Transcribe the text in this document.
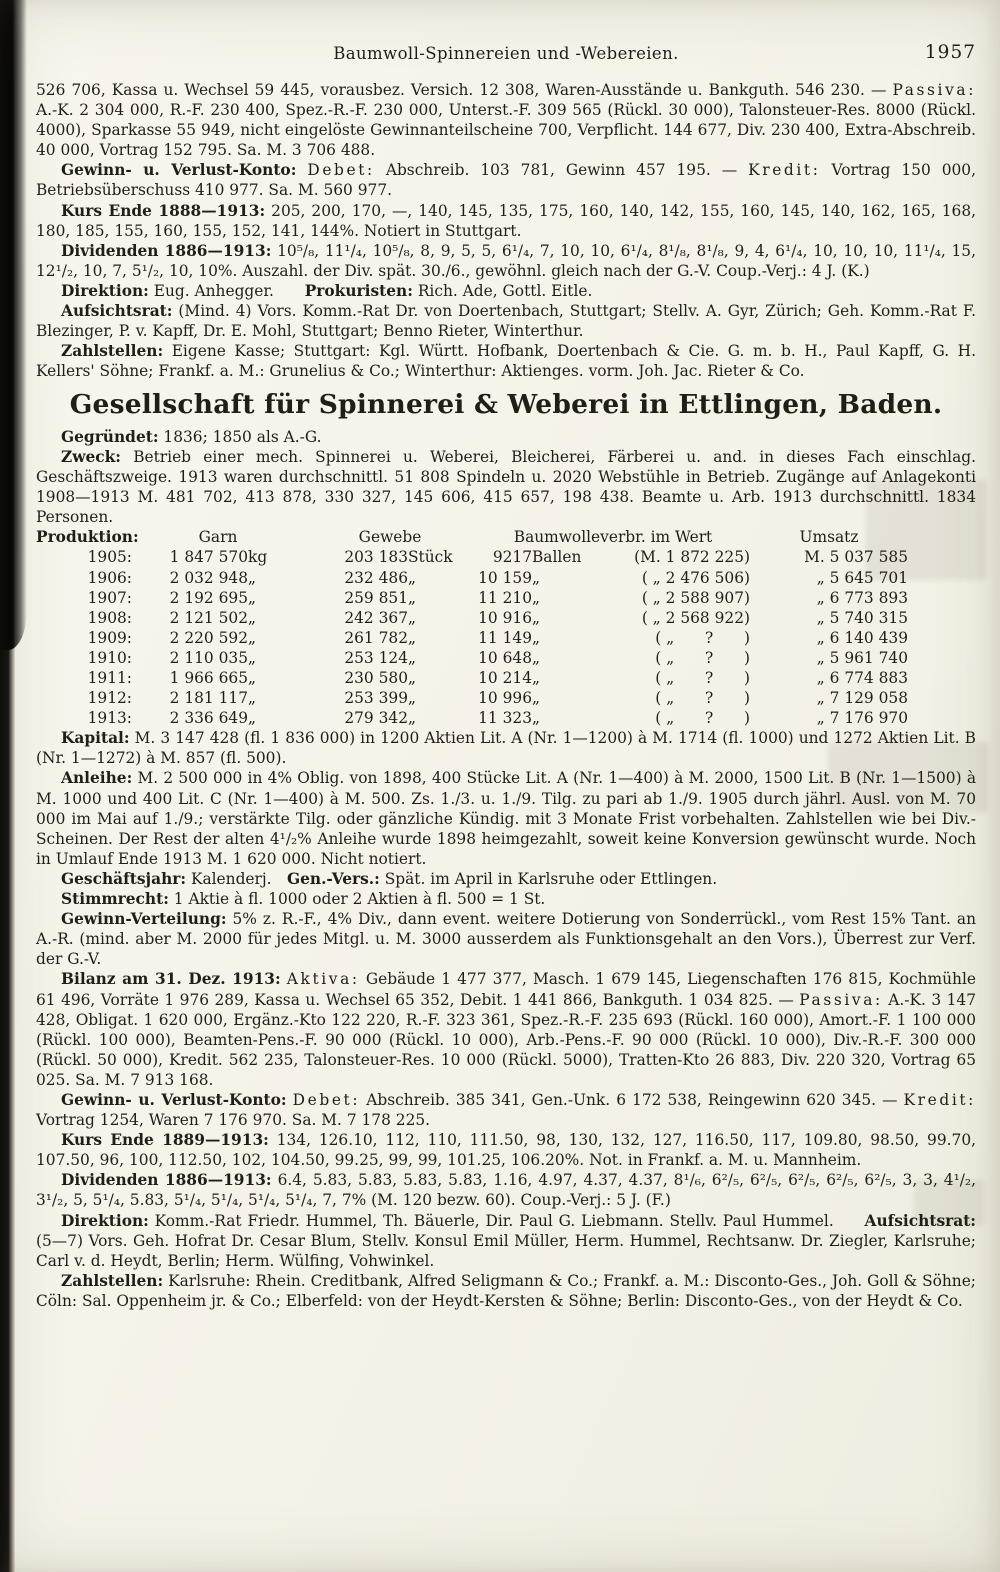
Baumwoll-Spinnereien und -Webereien.	1957

526 706, Kassa u. Wechsel 59 445, vorausbez. Versich. 12 308, Waren-Ausstände u. Bankguth. 546 230. — Passiva: A.-K. 2 304 000, R.-F. 230 400, Spez.-R.-F. 230 000, Unterst.-F. 309 565 (Rückl. 30 000), Talonsteuer-Res. 8000 (Rückl. 4000), Sparkasse 55 949, nicht eingelöste Gewinnanteilscheine 700, Verpflicht. 144 677, Div. 230 400, Extra-Abschreib. 40 000, Vortrag 152 795. Sa. M. 3 706 488.

Gewinn- u. Verlust-Konto: Debet: Abschreib. 103 781, Gewinn 457 195. — Kredit: Vortrag 150 000, Betriebsüberschuss 410 977. Sa. M. 560 977.

Kurs Ende 1888—1913: 205, 200, 170, —, 140, 145, 135, 175, 160, 140, 142, 155, 160, 145, 140, 162, 165, 168, 180, 185, 155, 160, 155, 152, 141, 144%. Notiert in Stuttgart.

Dividenden 1886—1913: 10⁵/₈, 11¹/₄, 10⁵/₈, 8, 9, 5, 5, 6¹/₄, 7, 10, 10, 6¹/₄, 8¹/₈, 8¹/₈, 9, 4, 6¹/₄, 10, 10, 10, 11¹/₄, 15, 12¹/₂, 10, 7, 5¹/₂, 10, 10%. Auszahl. der Div. spät. 30./6., gewöhnl. gleich nach der G.-V. Coup.-Verj.: 4 J. (K.)

Direktion: Eug. Anhegger.  Prokuristen: Rich. Ade, Gottl. Eitle.

Aufsichtsrat: (Mind. 4) Vors. Komm.-Rat Dr. von Doertenbach, Stuttgart; Stellv. A. Gyr, Zürich; Geh. Komm.-Rat F. Blezinger, P. v. Kapff, Dr. E. Mohl, Stuttgart; Benno Rieter, Winterthur.

Zahlstellen: Eigene Kasse; Stuttgart: Kgl. Württ. Hofbank, Doertenbach & Cie. G. m. b. H., Paul Kapff, G. H. Kellers' Söhne; Frankf. a. M.: Grunelius & Co.; Winterthur: Aktienges. vorm. Joh. Jac. Rieter & Co.

Gesellschaft für Spinnerei & Weberei in Ettlingen, Baden.

Gegründet: 1836; 1850 als A.-G.

Zweck: Betrieb einer mech. Spinnerei u. Weberei, Bleicherei, Färberei u. and. in dieses Fach einschlag. Geschäftszweige. 1913 waren durchschnittl. 51 808 Spindeln u. 2020 Webstühle in Betrieb. Zugänge auf Anlagekonti 1908—1913 M. 481 702, 413 878, 330 327, 145 606, 415 657, 198 438. Beamte u. Arb. 1913 durchschnittl. 1834 Personen.

Produktion:	Garn		Gewebe		Baumwolleverbr. im Wert			Umsatz
1905:	1 847 570	kg	203 183	Stück	9217	Ballen	(M. 1 872 225)	M. 5 037 585
1906:	2 032 948	„	232 486	„	10 159	„	( „ 2 476 506)	„ 5 645 701
1907:	2 192 695	„	259 851	„	11 210	„	( „ 2 588 907)	„ 6 773 893
1908:	2 121 502	„	242 367	„	10 916	„	( „ 2 568 922)	„ 5 740 315
1909:	2 220 592	„	261 782	„	11 149	„	( „  ?  )	„ 6 140 439
1910:	2 110 035	„	253 124	„	10 648	„	( „  ?  )	„ 5 961 740
1911:	1 966 665	„	230 580	„	10 214	„	( „  ?  )	„ 6 774 883
1912:	2 181 117	„	253 399	„	10 996	„	( „  ?  )	„ 7 129 058
1913:	2 336 649	„	279 342	„	11 323	„	( „  ?  )	„ 7 176 970

Kapital: M. 3 147 428 (fl. 1 836 000) in 1200 Aktien Lit. A (Nr. 1—1200) à M. 1714 (fl. 1000) und 1272 Aktien Lit. B (Nr. 1—1272) à M. 857 (fl. 500).

Anleihe: M. 2 500 000 in 4% Oblig. von 1898, 400 Stücke Lit. A (Nr. 1—400) à M. 2000, 1500 Lit. B (Nr. 1—1500) à M. 1000 und 400 Lit. C (Nr. 1—400) à M. 500. Zs. 1./3. u. 1./9. Tilg. zu pari ab 1./9. 1905 durch jährl. Ausl. von M. 70 000 im Mai auf 1./9.; verstärkte Tilg. oder gänzliche Kündig. mit 3 Monate Frist vorbehalten. Zahlstellen wie bei Div.-Scheinen. Der Rest der alten 4¹/₂% Anleihe wurde 1898 heimgezahlt, soweit keine Konversion gewünscht wurde. Noch in Umlauf Ende 1913 M. 1 620 000. Nicht notiert.

Geschäftsjahr: Kalenderj. Gen.-Vers.: Spät. im April in Karlsruhe oder Ettlingen.

Stimmrecht: 1 Aktie à fl. 1000 oder 2 Aktien à fl. 500 = 1 St.

Gewinn-Verteilung: 5% z. R.-F., 4% Div., dann event. weitere Dotierung von Sonderrückl., vom Rest 15% Tant. an A.-R. (mind. aber M. 2000 für jedes Mitgl. u. M. 3000 ausserdem als Funktionsgehalt an den Vors.), Überrest zur Verf. der G.-V.

Bilanz am 31. Dez. 1913: Aktiva: Gebäude 1 477 377, Masch. 1 679 145, Liegenschaften 176 815, Kochmühle 61 496, Vorräte 1 976 289, Kassa u. Wechsel 65 352, Debit. 1 441 866, Bankguth. 1 034 825. — Passiva: A.-K. 3 147 428, Obligat. 1 620 000, Ergänz.-Kto 122 220, R.-F. 323 361, Spez.-R.-F. 235 693 (Rückl. 160 000), Amort.-F. 1 100 000 (Rückl. 100 000), Beamten-Pens.-F. 90 000 (Rückl. 10 000), Arb.-Pens.-F. 90 000 (Rückl. 10 000), Div.-R.-F. 300 000 (Rückl. 50 000), Kredit. 562 235, Talonsteuer-Res. 10 000 (Rückl. 5000), Tratten-Kto 26 883, Div. 220 320, Vortrag 65 025. Sa. M. 7 913 168.

Gewinn- u. Verlust-Konto: Debet: Abschreib. 385 341, Gen.-Unk. 6 172 538, Reingewinn 620 345. — Kredit: Vortrag 1254, Waren 7 176 970. Sa. M. 7 178 225.

Kurs Ende 1889—1913: 134, 126.10, 112, 110, 111.50, 98, 130, 132, 127, 116.50, 117, 109.80, 98.50, 99.70, 107.50, 96, 100, 112.50, 102, 104.50, 99.25, 99, 99, 101.25, 106.20%. Not. in Frankf. a. M. u. Mannheim.

Dividenden 1886—1913: 6.4, 5.83, 5.83, 5.83, 5.83, 1.16, 4.97, 4.37, 4.37, 8¹/₆, 6²/₅, 6²/₅, 6²/₅, 6²/₅, 6²/₅, 3, 3, 4¹/₂, 3¹/₂, 5, 5¹/₄, 5.83, 5¹/₄, 5¹/₄, 5¹/₄, 5¹/₄, 7, 7% (M. 120 bezw. 60). Coup.-Verj.: 5 J. (F.)

Direktion: Komm.-Rat Friedr. Hummel, Th. Bäuerle, Dir. Paul G. Liebmann. Stellv. Paul Hummel.  Aufsichtsrat: (5—7) Vors. Geh. Hofrat Dr. Cesar Blum, Stellv. Konsul Emil Müller, Herm. Hummel, Rechtsanw. Dr. Ziegler, Karlsruhe; Carl v. d. Heydt, Berlin; Herm. Wülfing, Vohwinkel.

Zahlstellen: Karlsruhe: Rhein. Creditbank, Alfred Seligmann & Co.; Frankf. a. M.: Disconto-Ges., Joh. Goll & Söhne; Cöln: Sal. Oppenheim jr. & Co.; Elberfeld: von der Heydt-Kersten & Söhne; Berlin: Disconto-Ges., von der Heydt & Co.
